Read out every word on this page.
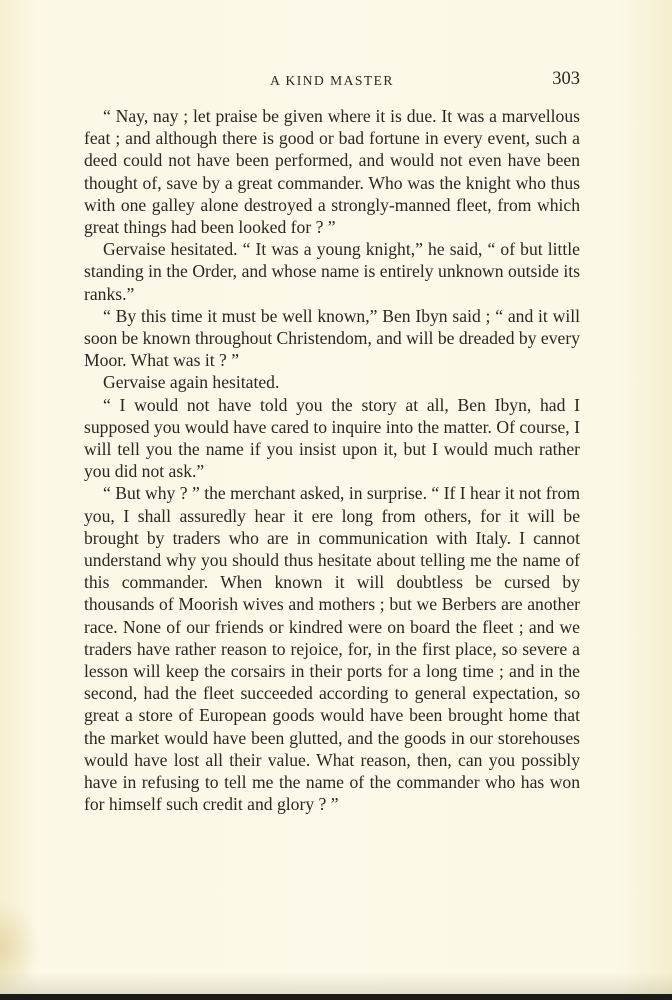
A KIND MASTER	303

“ Nay, nay ; let praise be given where it is due. It was a marvellous feat ; and although there is good or bad fortune in every event, such a deed could not have been performed, and would not even have been thought of, save by a great commander. Who was the knight who thus with one galley alone destroyed a strongly-manned fleet, from which great things had been looked for ? ”

Gervaise hesitated. “ It was a young knight,” he said, “ of but little standing in the Order, and whose name is entirely unknown outside its ranks.”

“ By this time it must be well known,” Ben Ibyn said ; “ and it will soon be known throughout Christendom, and will be dreaded by every Moor. What was it ? ”

Gervaise again hesitated.

“ I would not have told you the story at all, Ben Ibyn, had I supposed you would have cared to inquire into the matter. Of course, I will tell you the name if you insist upon it, but I would much rather you did not ask.”

“ But why ? ” the merchant asked, in surprise. “ If I hear it not from you, I shall assuredly hear it ere long from others, for it will be brought by traders who are in communication with Italy. I cannot understand why you should thus hesitate about telling me the name of this commander. When known it will doubtless be cursed by thousands of Moorish wives and mothers ; but we Berbers are another race. None of our friends or kindred were on board the fleet ; and we traders have rather reason to rejoice, for, in the first place, so severe a lesson will keep the corsairs in their ports for a long time ; and in the second, had the fleet succeeded according to general expectation, so great a store of European goods would have been brought home that the market would have been glutted, and the goods in our storehouses would have lost all their value. What reason, then, can you possibly have in refusing to tell me the name of the commander who has won for himself such credit and glory ? ”
